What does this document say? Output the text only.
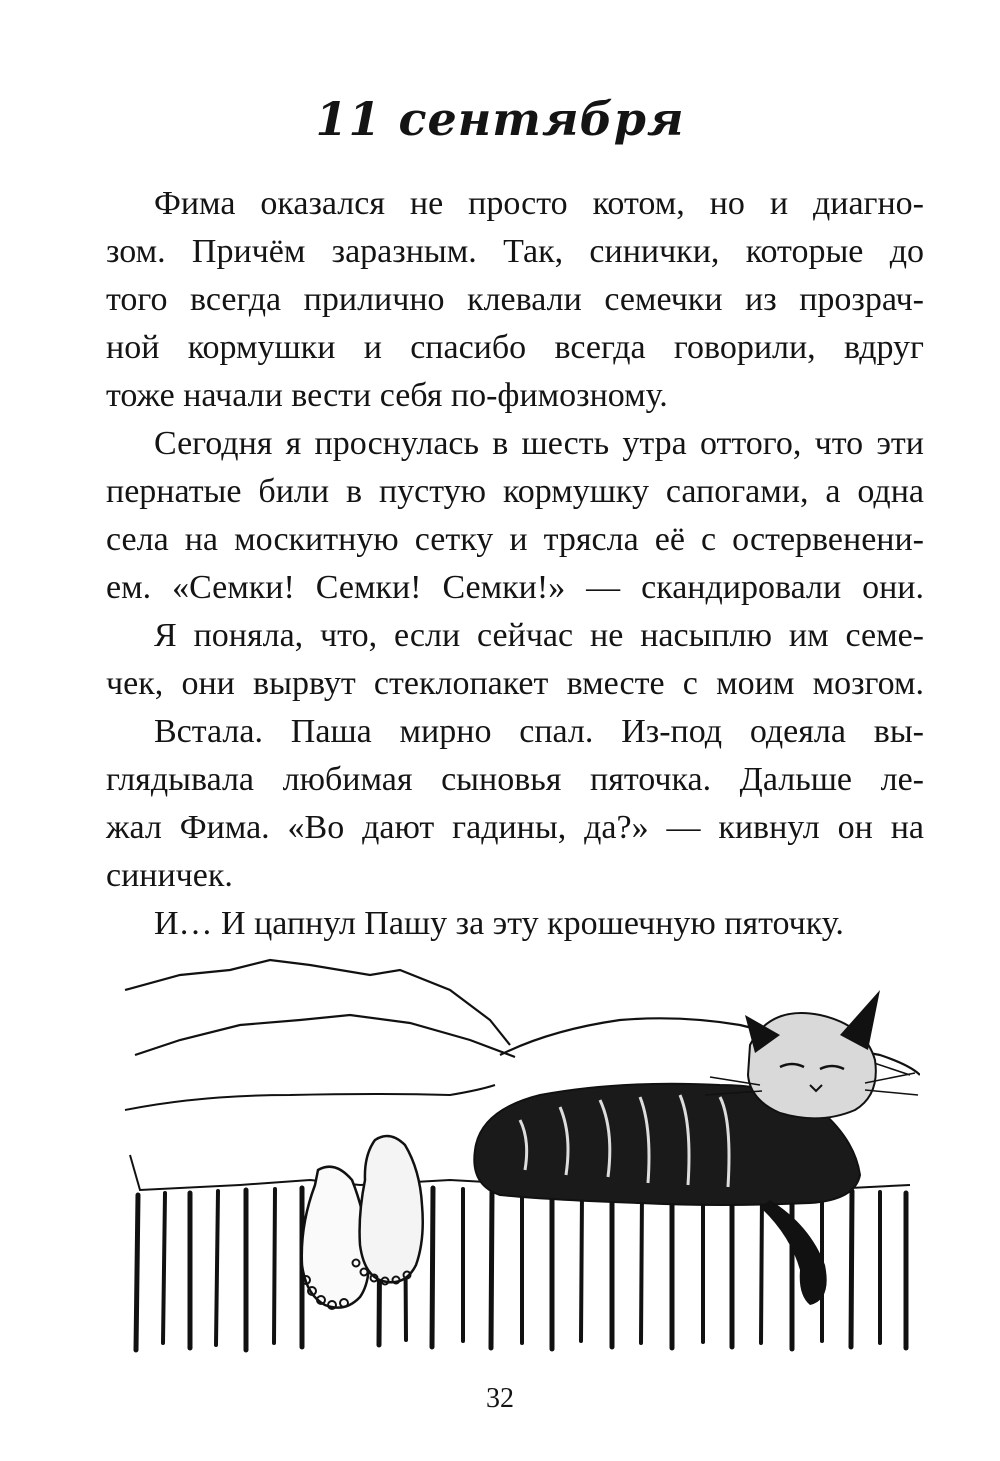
11 сентября
Фима оказался не просто котом, но и диагно-
зом. Причём заразным. Так, синички, которые до
того всегда прилично клевали семечки из прозрач-
ной кормушки и спасибо всегда говорили, вдруг
тоже начали вести себя по-фимозному.
Сегодня я проснулась в шесть утра оттого, что эти
пернатые били в пустую кормушку сапогами, а одна
села на москитную сетку и трясла её с остервенени-
ем. «Семки! Семки! Семки!» — скандировали они.
Я поняла, что, если сейчас не насыплю им семе-
чек, они вырвут стеклопакет вместе с моим мозгом.
Встала. Паша мирно спал. Из-под одеяла вы-
глядывала любимая сыновья пяточка. Дальше ле-
жал Фима. «Во дают гадины, да?» — кивнул он на
синичек.
И… И цапнул Пашу за эту крошечную пяточку.
32
